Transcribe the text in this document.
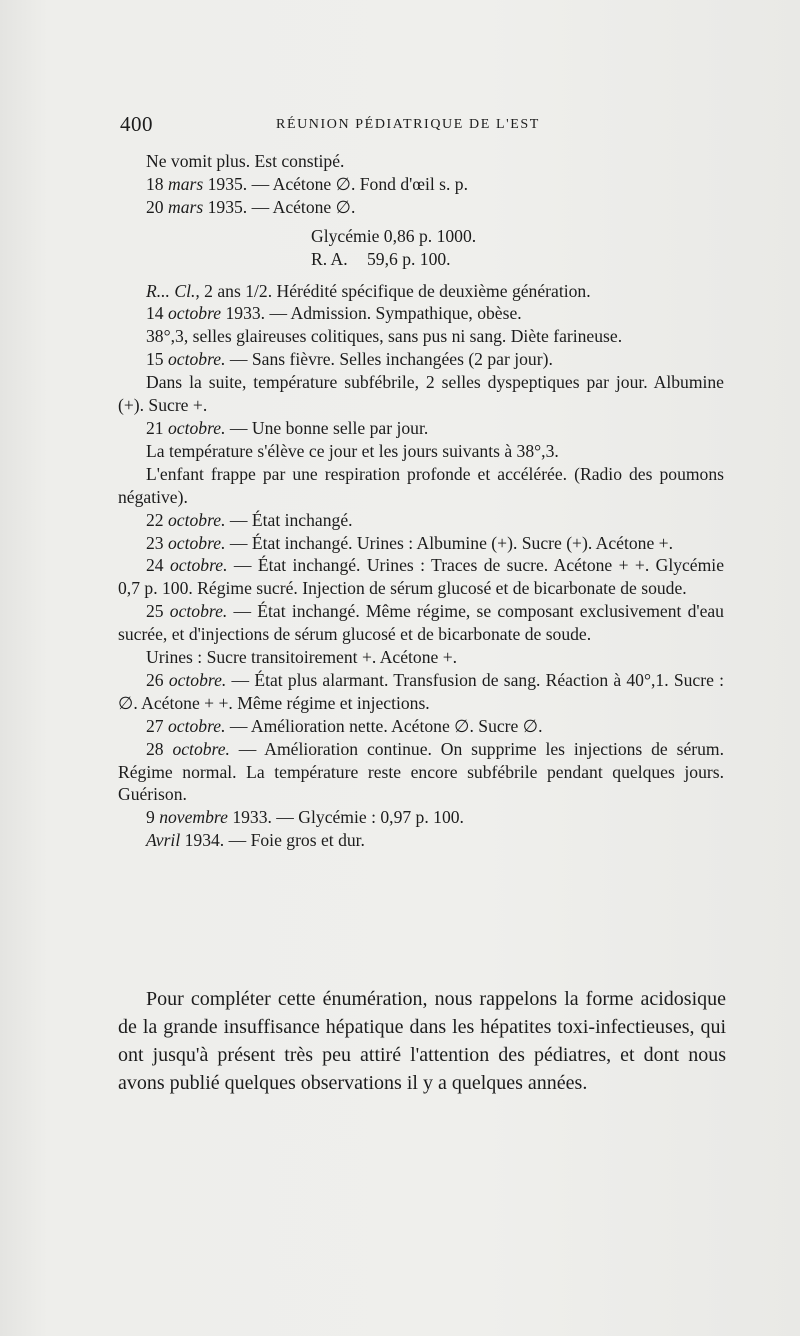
400	RÉUNION PÉDIATRIQUE DE L'EST

Ne vomit plus. Est constipé.

18 mars 1935. — Acétone ∅. Fond d'œil s. p.

20 mars 1935. — Acétone ∅.

Glycémie 0,86 p. 1000.

R. A. 59,6 p. 100.

R... Cl., 2 ans 1/2. Hérédité spécifique de deuxième génération.

14 octobre 1933. — Admission. Sympathique, obèse.

38°,3, selles glaireuses colitiques, sans pus ni sang. Diète farineuse.

15 octobre. — Sans fièvre. Selles inchangées (2 par jour).

Dans la suite, température subfébrile, 2 selles dyspeptiques par jour. Albumine (+). Sucre +.

21 octobre. — Une bonne selle par jour.

La température s'élève ce jour et les jours suivants à 38°,3.

L'enfant frappe par une respiration profonde et accélérée. (Radio des poumons négative).

22 octobre. — État inchangé.

23 octobre. — État inchangé. Urines : Albumine (+). Sucre (+). Acétone +.

24 octobre. — État inchangé. Urines : Traces de sucre. Acétone + +. Glycémie 0,7 p. 100. Régime sucré. Injection de sérum glucosé et de bicarbonate de soude.

25 octobre. — État inchangé. Même régime, se composant exclusivement d'eau sucrée, et d'injections de sérum glucosé et de bicarbonate de soude.

Urines : Sucre transitoirement +. Acétone +.

26 octobre. — État plus alarmant. Transfusion de sang. Réaction à 40°,1. Sucre : ∅. Acétone + +. Même régime et injections.

27 octobre. — Amélioration nette. Acétone ∅. Sucre ∅.

28 octobre. — Amélioration continue. On supprime les injections de sérum. Régime normal. La température reste encore subfébrile pendant quelques jours. Guérison.

9 novembre 1933. — Glycémie : 0,97 p. 100.

Avril 1934. — Foie gros et dur.

Pour compléter cette énumération, nous rappelons la forme acidosique de la grande insuffisance hépatique dans les hépatites toxi-infectieuses, qui ont jusqu'à présent très peu attiré l'attention des pédiatres, et dont nous avons publié quelques observations il y a quelques années.
